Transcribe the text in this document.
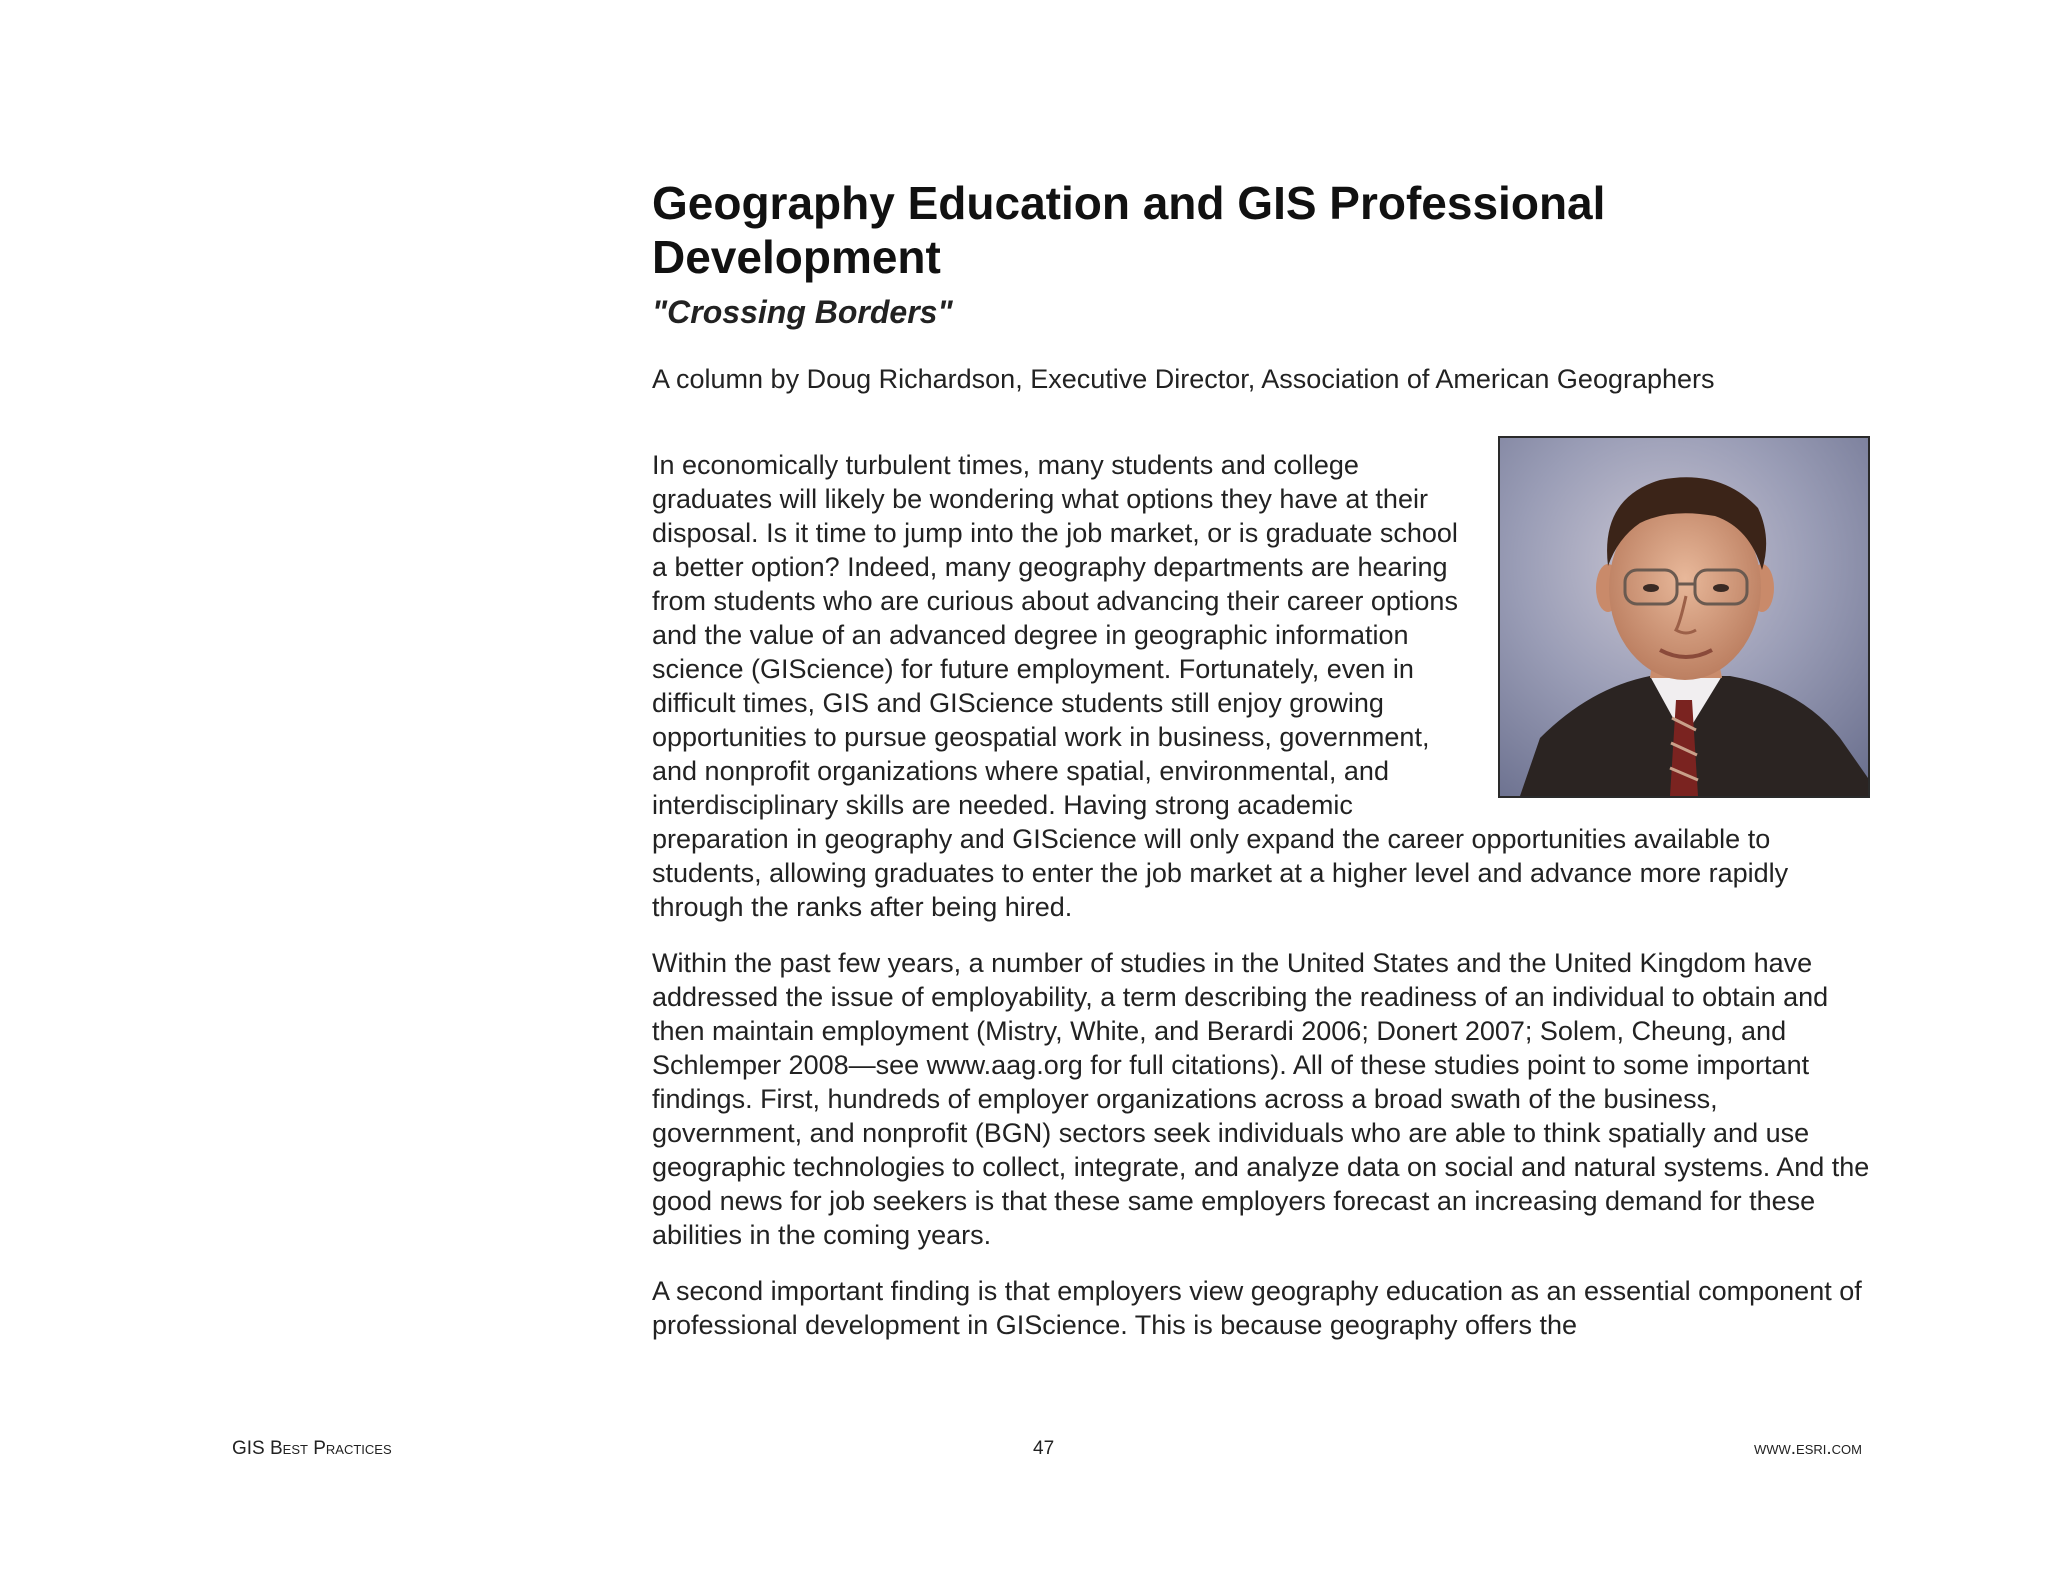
Geography Education and GIS Professional Development
"Crossing Borders"

A column by Doug Richardson, Executive Director, Association of American Geographers

In economically turbulent times, many students and college graduates will likely be wondering what options they have at their disposal. Is it time to jump into the job market, or is graduate school a better option? Indeed, many geography departments are hearing from students who are curious about advancing their career options and the value of an advanced degree in geographic information science (GIScience) for future employment. Fortunately, even in difficult times, GIS and GIScience students still enjoy growing opportunities to pursue geospatial work in business, government, and nonprofit organizations where spatial, environmental, and interdisciplinary skills are needed. Having strong academic preparation in geography and GIScience will only expand the career opportunities available to students, allowing graduates to enter the job market at a higher level and advance more rapidly through the ranks after being hired.

Within the past few years, a number of studies in the United States and the United Kingdom have addressed the issue of employability, a term describing the readiness of an individual to obtain and then maintain employment (Mistry, White, and Berardi 2006; Donert 2007; Solem, Cheung, and Schlemper 2008—see www.aag.org for full citations). All of these studies point to some important findings. First, hundreds of employer organizations across a broad swath of the business, government, and nonprofit (BGN) sectors seek individuals who are able to think spatially and use geographic technologies to collect, integrate, and analyze data on social and natural systems. And the good news for job seekers is that these same employers forecast an increasing demand for these abilities in the coming years.

A second important finding is that employers view geography education as an essential component of professional development in GIScience. This is because geography offers the

GIS Best Practices	47	www.esri.com
